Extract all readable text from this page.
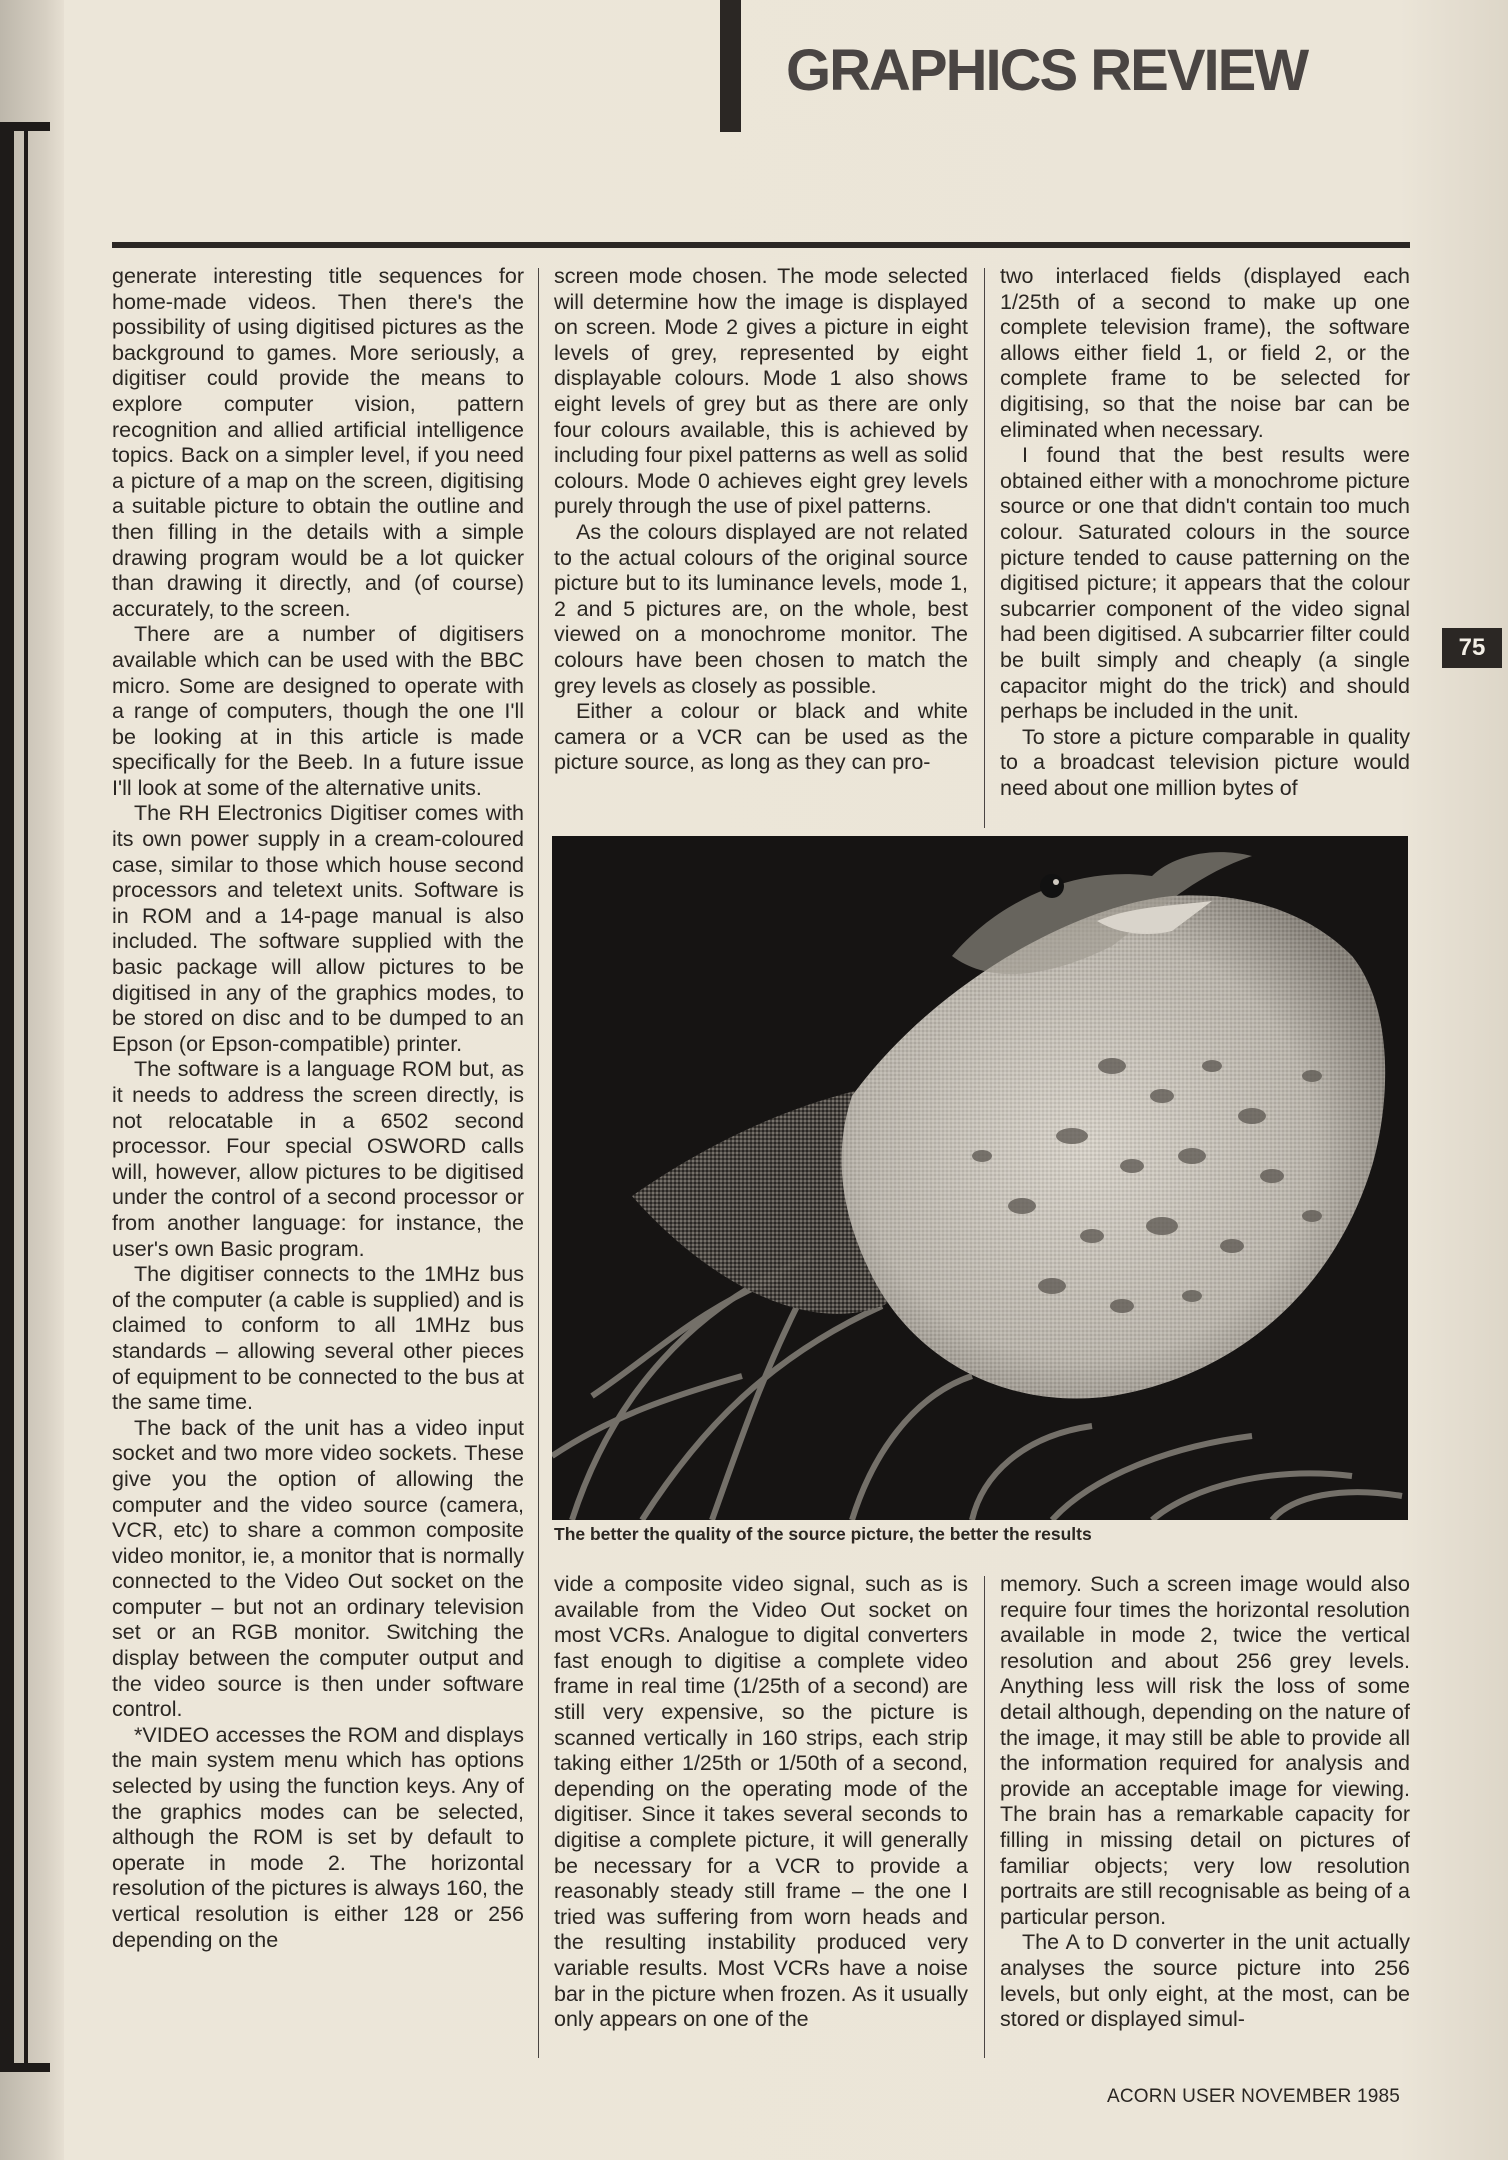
GRAPHICS REVIEW

generate interesting title sequences for home-made videos. Then there's the possibility of using digitised pictures as the background to games. More seriously, a digitiser could provide the means to explore computer vision, pattern recognition and allied artificial intelligence topics. Back on a simpler level, if you need a picture of a map on the screen, digitising a suitable picture to obtain the outline and then filling in the details with a simple drawing program would be a lot quicker than drawing it directly, and (of course) accurately, to the screen.

There are a number of digitisers available which can be used with the BBC micro. Some are designed to operate with a range of computers, though the one I'll be looking at in this article is made specifically for the Beeb. In a future issue I'll look at some of the alternative units.

The RH Electronics Digitiser comes with its own power supply in a cream-coloured case, similar to those which house second processors and teletext units. Software is in ROM and a 14-page manual is also included. The software supplied with the basic package will allow pictures to be digitised in any of the graphics modes, to be stored on disc and to be dumped to an Epson (or Epson-compatible) printer.

The software is a language ROM but, as it needs to address the screen directly, is not relocatable in a 6502 second processor. Four special OSWORD calls will, however, allow pictures to be digitised under the control of a second processor or from another language: for instance, the user's own Basic program.

The digitiser connects to the 1MHz bus of the computer (a cable is supplied) and is claimed to conform to all 1MHz bus standards – allowing several other pieces of equipment to be connected to the bus at the same time.

The back of the unit has a video input socket and two more video sockets. These give you the option of allowing the computer and the video source (camera, VCR, etc) to share a common composite video monitor, ie, a monitor that is normally connected to the Video Out socket on the computer – but not an ordinary television set or an RGB monitor. Switching the display between the computer output and the video source is then under software control.

*VIDEO accesses the ROM and displays the main system menu which has options selected by using the function keys. Any of the graphics modes can be selected, although the ROM is set by default to operate in mode 2. The horizontal resolution of the pictures is always 160, the vertical resolution is either 128 or 256 depending on the

screen mode chosen. The mode selected will determine how the image is displayed on screen. Mode 2 gives a picture in eight levels of grey, represented by eight displayable colours. Mode 1 also shows eight levels of grey but as there are only four colours available, this is achieved by including four pixel patterns as well as solid colours. Mode 0 achieves eight grey levels purely through the use of pixel patterns.

As the colours displayed are not related to the actual colours of the original source picture but to its luminance levels, mode 1, 2 and 5 pictures are, on the whole, best viewed on a monochrome monitor. The colours have been chosen to match the grey levels as closely as possible.

Either a colour or black and white camera or a VCR can be used as the picture source, as long as they can pro-

two interlaced fields (displayed each 1/25th of a second to make up one complete television frame), the software allows either field 1, or field 2, or the complete frame to be selected for digitising, so that the noise bar can be eliminated when necessary.

I found that the best results were obtained either with a monochrome picture source or one that didn't contain too much colour. Saturated colours in the source picture tended to cause patterning on the digitised picture; it appears that the colour subcarrier component of the video signal had been digitised. A subcarrier filter could be built simply and cheaply (a single capacitor might do the trick) and should perhaps be included in the unit.

To store a picture comparable in quality to a broadcast television picture would need about one million bytes of

The better the quality of the source picture, the better the results

vide a composite video signal, such as is available from the Video Out socket on most VCRs. Analogue to digital converters fast enough to digitise a complete video frame in real time (1/25th of a second) are still very expensive, so the picture is scanned vertically in 160 strips, each strip taking either 1/25th or 1/50th of a second, depending on the operating mode of the digitiser. Since it takes several seconds to digitise a complete picture, it will generally be necessary for a VCR to provide a reasonably steady still frame – the one I tried was suffering from worn heads and the resulting instability produced very variable results. Most VCRs have a noise bar in the picture when frozen. As it usually only appears on one of the

memory. Such a screen image would also require four times the horizontal resolution available in mode 2, twice the vertical resolution and about 256 grey levels. Anything less will risk the loss of some detail although, depending on the nature of the image, it may still be able to provide all the information required for analysis and provide an acceptable image for viewing. The brain has a remarkable capacity for filling in missing detail on pictures of familiar objects; very low resolution portraits are still recognisable as being of a particular person.

The A to D converter in the unit actually analyses the source picture into 256 levels, but only eight, at the most, can be stored or displayed simul-

75
ACORN USER NOVEMBER 1985
